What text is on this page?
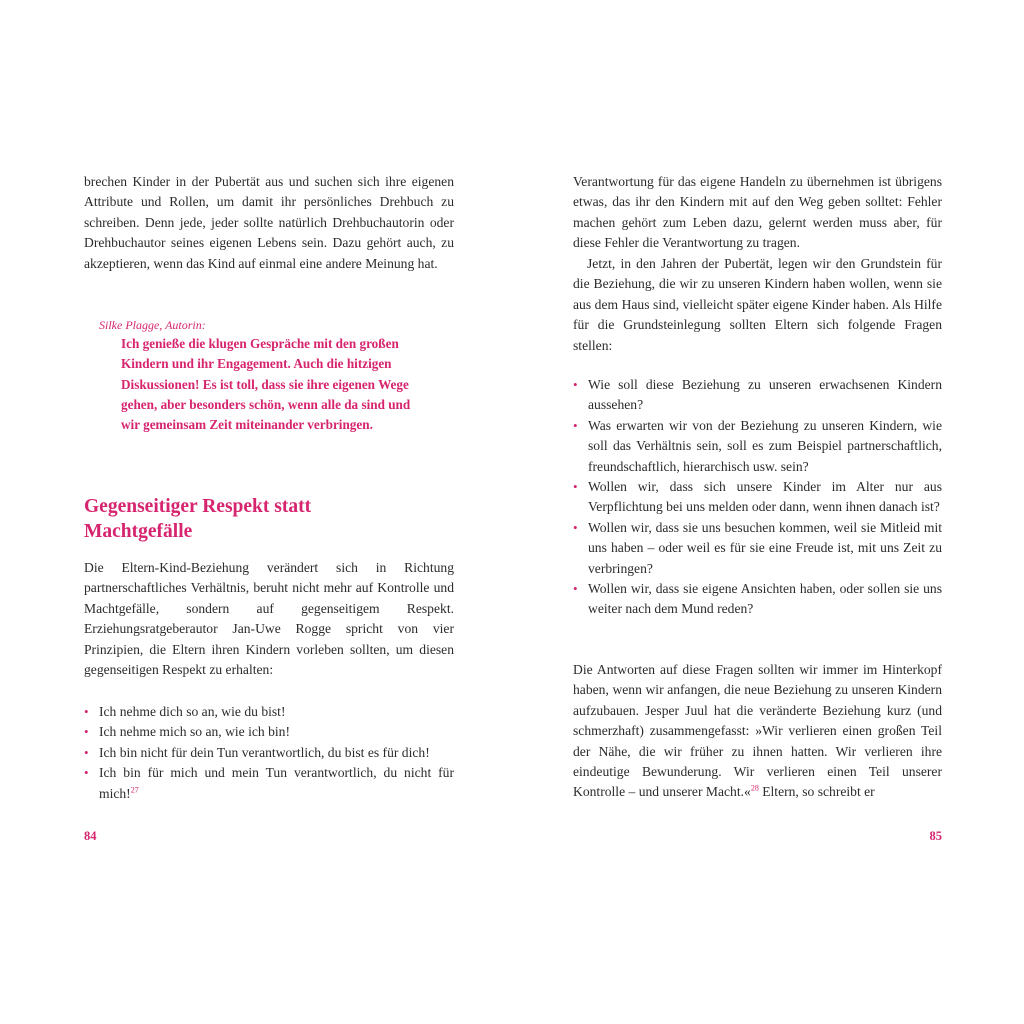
brechen Kinder in der Pubertät aus und suchen sich ihre eigenen Attribute und Rollen, um damit ihr persönliches Drehbuch zu schreiben. Denn jede, jeder sollte natürlich Drehbuchautorin oder Drehbuchautor seines eigenen Lebens sein. Dazu gehört auch, zu akzeptieren, wenn das Kind auf einmal eine andere Meinung hat.

Silke Plagge, Autorin:

Ich genieße die klugen Gespräche mit den großen Kindern und ihr Engagement. Auch die hitzigen Diskussionen! Es ist toll, dass sie ihre eigenen Wege gehen, aber besonders schön, wenn alle da sind und wir gemeinsam Zeit miteinander verbringen.

Gegenseitiger Respekt statt Machtgefälle

Die Eltern-Kind-Beziehung verändert sich in Richtung partnerschaftliches Verhältnis, beruht nicht mehr auf Kontrolle und Machtgefälle, sondern auf gegenseitigem Respekt. Erziehungsratgeberautor Jan-Uwe Rogge spricht von vier Prinzipien, die Eltern ihren Kindern vorleben sollten, um diesen gegenseitigen Respekt zu erhalten:

• Ich nehme dich so an, wie du bist!
• Ich nehme mich so an, wie ich bin!
• Ich bin nicht für dein Tun verantwortlich, du bist es für dich!
• Ich bin für mich und mein Tun verantwortlich, du nicht für mich!$^{27}$
84

Verantwortung für das eigene Handeln zu übernehmen ist übrigens etwas, das ihr den Kindern mit auf den Weg geben solltet: Fehler machen gehört zum Leben dazu, gelernt werden muss aber, für diese Fehler die Verantwortung zu tragen.

Jetzt, in den Jahren der Pubertät, legen wir den Grundstein für die Beziehung, die wir zu unseren Kindern haben wollen, wenn sie aus dem Haus sind, vielleicht später eigene Kinder haben. Als Hilfe für die Grundsteinlegung sollten Eltern sich folgende Fragen stellen:

• Wie soll diese Beziehung zu unseren erwachsenen Kindern aussehen?
• Was erwarten wir von der Beziehung zu unseren Kindern, wie soll das Verhältnis sein, soll es zum Beispiel partnerschaftlich, freundschaftlich, hierarchisch usw. sein?
• Wollen wir, dass sich unsere Kinder im Alter nur aus Verpflichtung bei uns melden oder dann, wenn ihnen danach ist?
• Wollen wir, dass sie uns besuchen kommen, weil sie Mitleid mit uns haben – oder weil es für sie eine Freude ist, mit uns Zeit zu verbringen?
• Wollen wir, dass sie eigene Ansichten haben, oder sollen sie uns weiter nach dem Mund reden?

Die Antworten auf diese Fragen sollten wir immer im Hinterkopf haben, wenn wir anfangen, die neue Beziehung zu unseren Kindern aufzubauen. Jesper Juul hat die veränderte Beziehung kurz (und schmerzhaft) zusammengefasst: »Wir verlieren einen großen Teil der Nähe, die wir früher zu ihnen hatten. Wir verlieren ihre eindeutige Bewunderung. Wir verlieren einen Teil unserer Kontrolle – und unserer Macht.«$^{28}$ Eltern, so schreibt er

85
